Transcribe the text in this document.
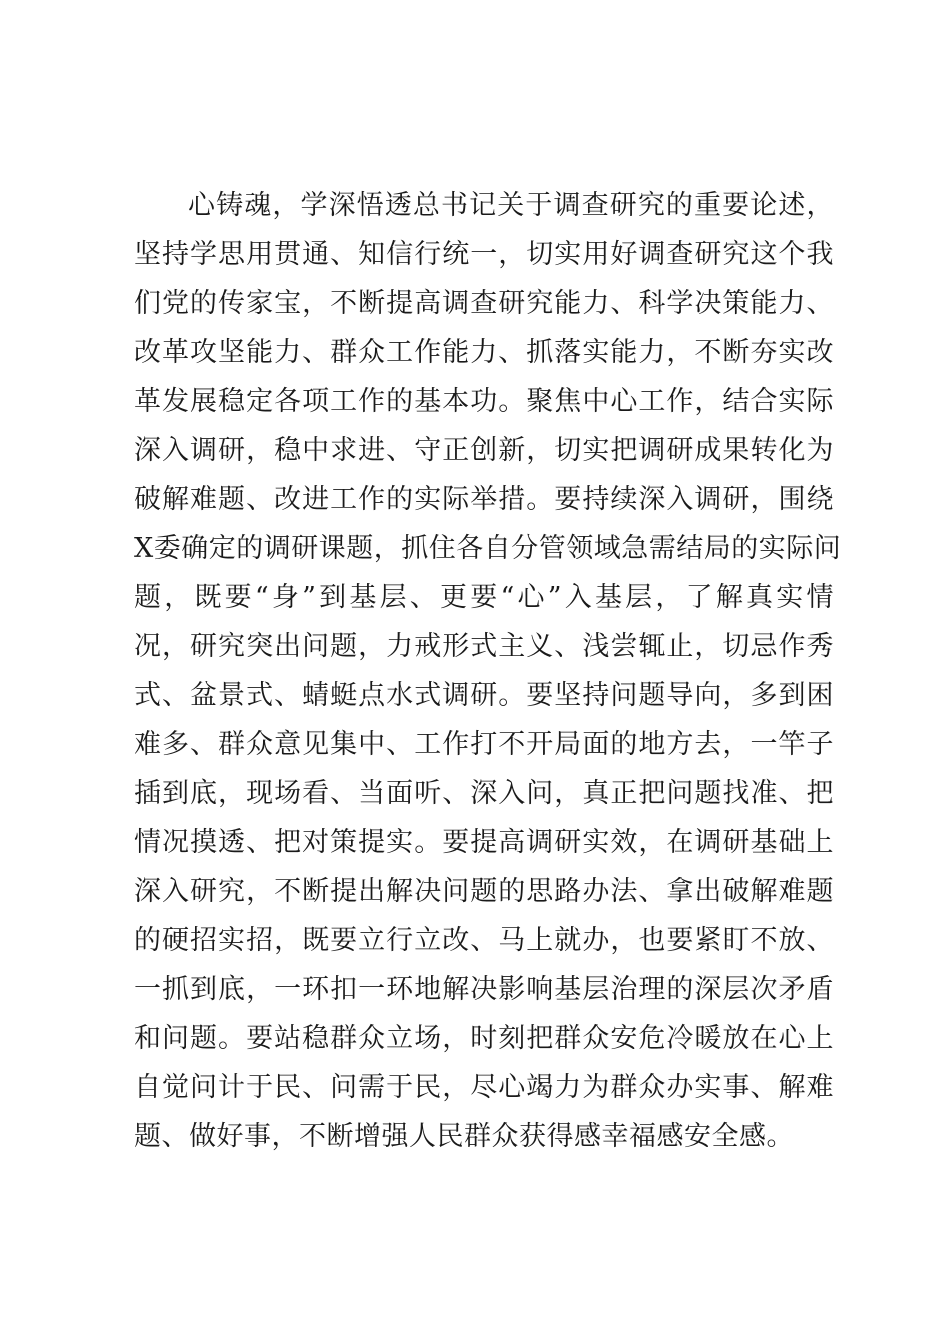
心铸魂，学深悟透总书记关于调查研究的重要论述，
坚持学思用贯通、知信行统一，切实用好调查研究这个我
们党的传家宝，不断提高调查研究能力、科学决策能力、
改革攻坚能力、群众工作能力、抓落实能力，不断夯实改
革发展稳定各项工作的基本功。聚焦中心工作，结合实际
深入调研，稳中求进、守正创新，切实把调研成果转化为
破解难题、改进工作的实际举措。要持续深入调研，围绕
X委确定的调研课题，抓住各自分管领域急需结局的实际问
题，既要“身”到基层、更要“心”入基层，了解真实情
况，研究突出问题，力戒形式主义、浅尝辄止，切忌作秀
式、盆景式、蜻蜓点水式调研。要坚持问题导向，多到困
难多、群众意见集中、工作打不开局面的地方去，一竿子
插到底，现场看、当面听、深入问，真正把问题找准、把
情况摸透、把对策提实。要提高调研实效，在调研基础上
深入研究，不断提出解决问题的思路办法、拿出破解难题
的硬招实招，既要立行立改、马上就办，也要紧盯不放、
一抓到底，一环扣一环地解决影响基层治理的深层次矛盾
和问题。要站稳群众立场，时刻把群众安危冷暖放在心上
自觉问计于民、问需于民，尽心竭力为群众办实事、解难
题、做好事，不断增强人民群众获得感幸福感安全感。
